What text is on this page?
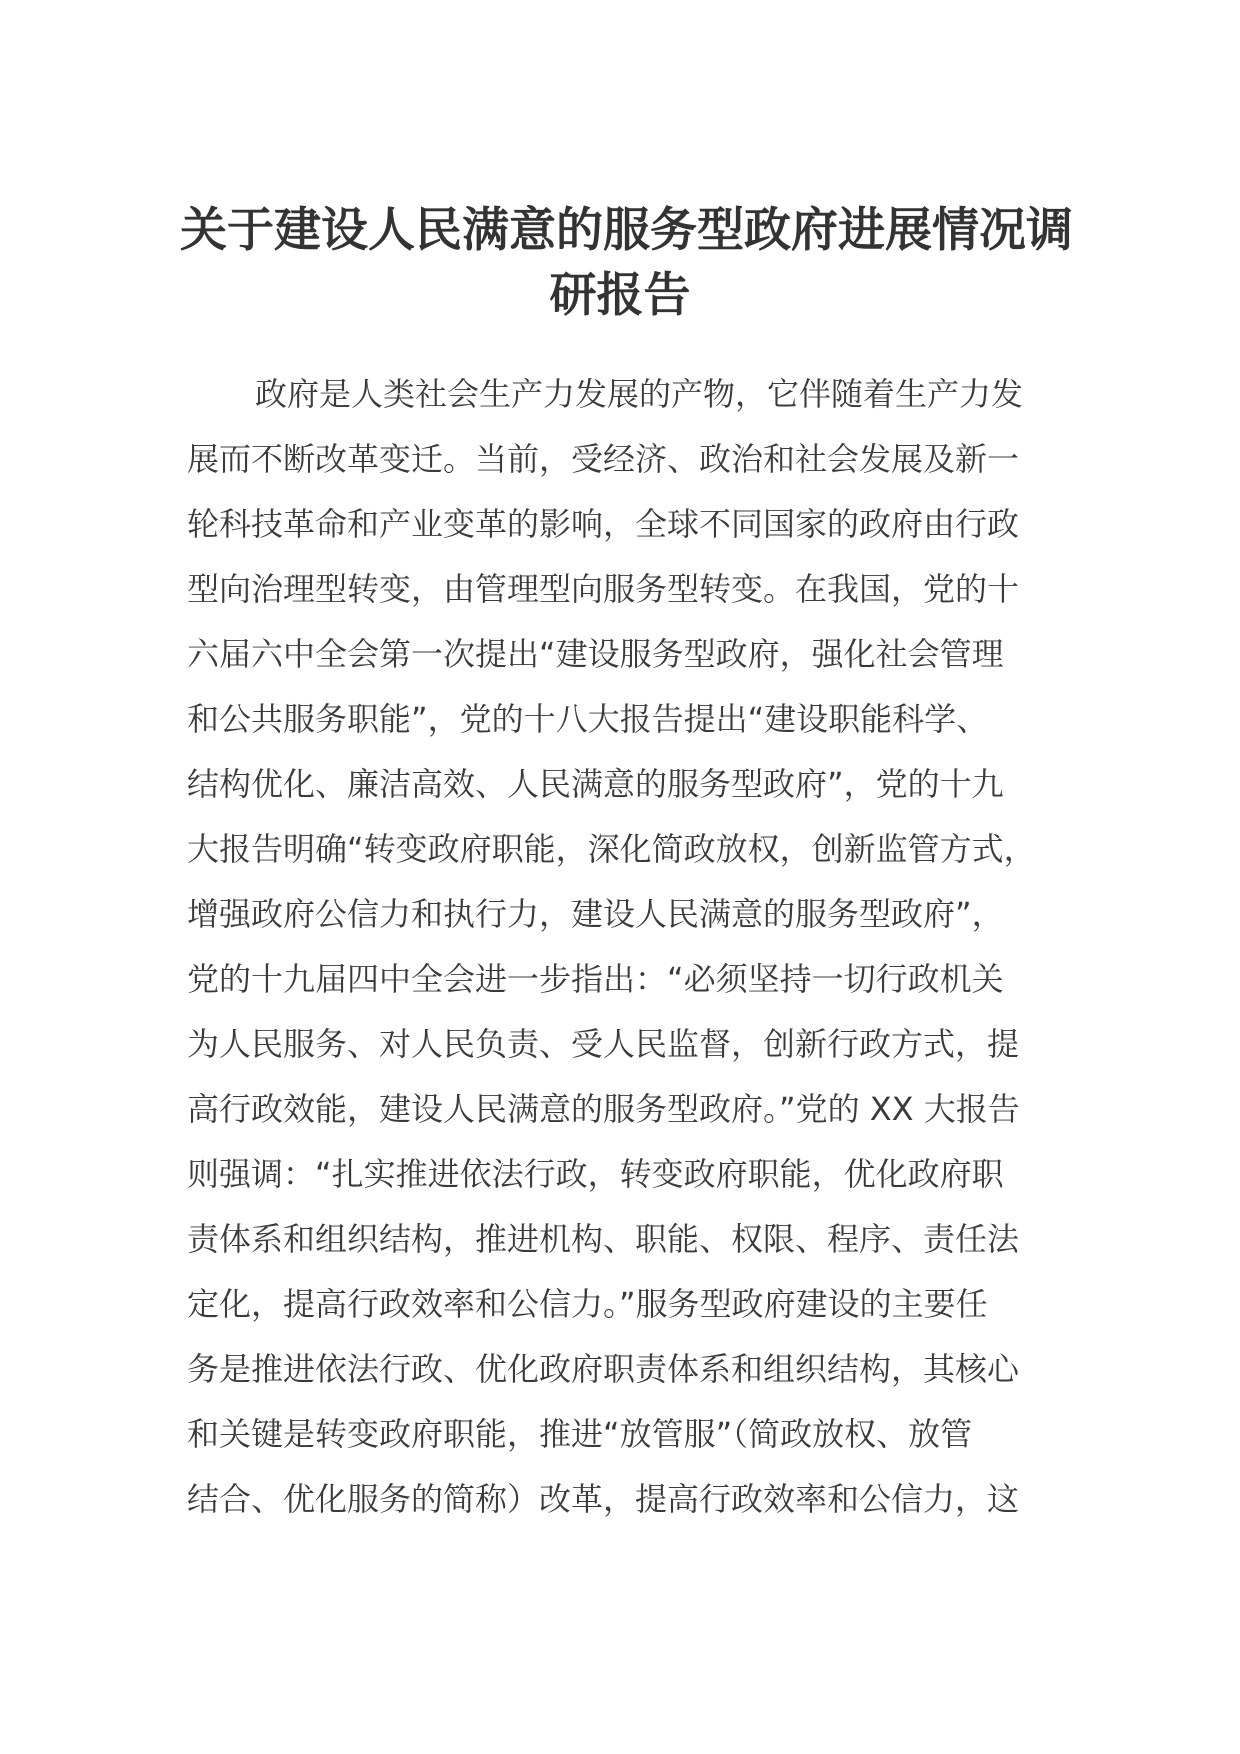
关于建设人民满意的服务型政府进展情况调
研报告
政府是人类社会生产力发展的产物，它伴随着生产力发
展而不断改革变迁。当前，受经济、政治和社会发展及新一
轮科技革命和产业变革的影响，全球不同国家的政府由行政
型向治理型转变，由管理型向服务型转变。在我国，党的十
六届六中全会第一次提出“建设服务型政府，强化社会管理
和公共服务职能”，党的十八大报告提出“建设职能科学、
结构优化、廉洁高效、人民满意的服务型政府”，党的十九
大报告明确“转变政府职能，深化简政放权，创新监管方式，
增强政府公信力和执行力，建设人民满意的服务型政府”，
党的十九届四中全会进一步指出：“必须坚持一切行政机关
为人民服务、对人民负责、受人民监督，创新行政方式，提
高行政效能，建设人民满意的服务型政府。”党的 XX 大报告
则强调：“扎实推进依法行政，转变政府职能，优化政府职
责体系和组织结构，推进机构、职能、权限、程序、责任法
定化，提高行政效率和公信力。”服务型政府建设的主要任
务是推进依法行政、优化政府职责体系和组织结构，其核心
和关键是转变政府职能，推进“放管服”（简政放权、放管
结合、优化服务的简称）改革，提高行政效率和公信力，这
